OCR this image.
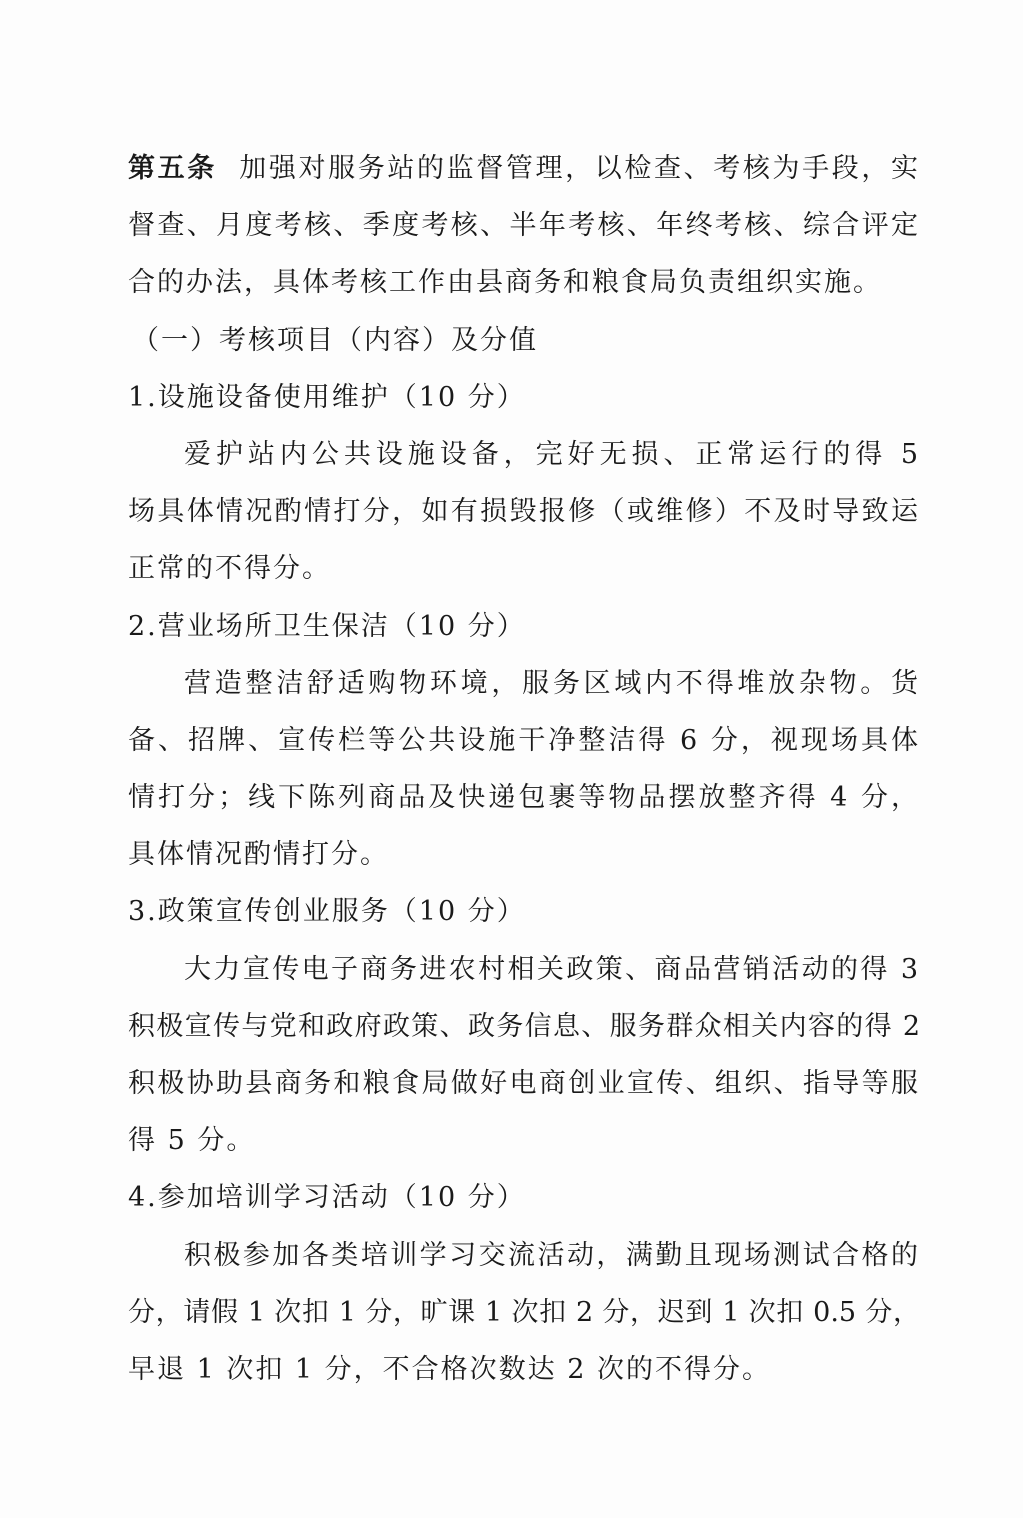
第五条 加强对服务站的监督管理，以检查、考核为手段，实
督查、月度考核、季度考核、半年考核、年终考核、综合评定
合的办法，具体考核工作由县商务和粮食局负责组织实施。
（一）考核项目（内容）及分值
1.设施设备使用维护（10 分）
爱护站内公共设施设备，完好无损、正常运行的得 5
场具体情况酌情打分，如有损毁报修（或维修）不及时导致运
正常的不得分。
2.营业场所卫生保洁（10 分）
营造整洁舒适购物环境，服务区域内不得堆放杂物。货
备、招牌、宣传栏等公共设施干净整洁得 6 分，视现场具体
情打分；线下陈列商品及快递包裹等物品摆放整齐得 4 分，
具体情况酌情打分。
3.政策宣传创业服务（10 分）
大力宣传电子商务进农村相关政策、商品营销活动的得 3
积极宣传与党和政府政策、政务信息、服务群众相关内容的得 2
积极协助县商务和粮食局做好电商创业宣传、组织、指导等服
得 5 分。
4.参加培训学习活动（10 分）
积极参加各类培训学习交流活动，满勤且现场测试合格的
分，请假 1 次扣 1 分，旷课 1 次扣 2 分，迟到 1 次扣 0.5 分，
早退 1 次扣 1 分，不合格次数达 2 次的不得分。
